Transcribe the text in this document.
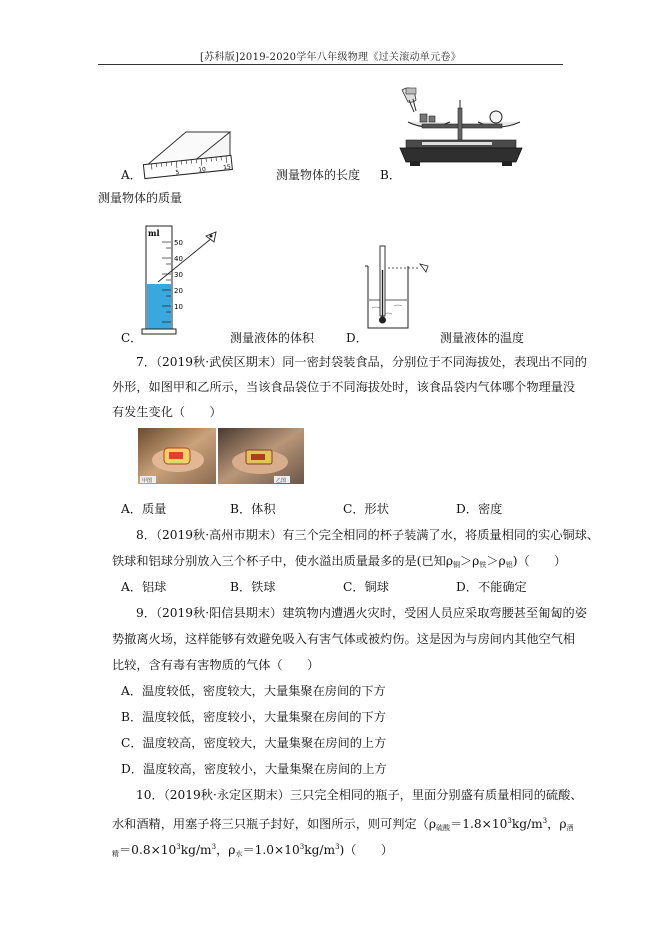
[苏科版]2019-2020学年八年级物理《过关滚动单元卷》
5	10	15
A．	测量物体的长度 B．
测量物体的质量
ml
50
40
30
20
10
C．	测量液体的体积	D．	测量液体的温度
7．（2019秋·武侯区期末）同一密封袋装食品，分别位于不同海拔处，表现出不同的
外形，如图甲和乙所示，当该食品袋位于不同海拔处时，该食品袋内气体哪个物理量没
有发生变化（　　）
甲图	乙图
A．质量	B．体积	C．形状	D．密度
8．（2019秋·高州市期末）有三个完全相同的杯子装满了水，将质量相同的实心铜球、
铁球和铝球分别放入三个杯子中，使水溢出质量最多的是(已知$\rho_铜>\rho_铁>\rho_铝$)（　　）
A．铝球	B．铁球	C．铜球	D．不能确定
9．（2019秋·阳信县期末）建筑物内遭遇火灾时，受困人员应采取弯腰甚至匍匐的姿
势撤离火场，这样能够有效避免吸入有害气体或被灼伤。这是因为与房间内其他空气相
比较，含有毒有害物质的气体（　　）
A．温度较低，密度较大，大量集聚在房间的下方
B．温度较低，密度较小，大量集聚在房间的下方
C．温度较高，密度较大，大量集聚在房间的上方
D．温度较高，密度较小，大量集聚在房间的上方
10．（2019秋·永定区期末）三只完全相同的瓶子，里面分别盛有质量相同的硫酸、
水和酒精，用塞子将三只瓶子封好，如图所示，则可判定（$\rho_{硫酸}=1.8\times 10^3kg/m^3$，$\rho_酒$
$_精=0.8\times 10^3kg/m^3$，$\rho_水=1.0\times 10^3kg/m^3$)（　　）
